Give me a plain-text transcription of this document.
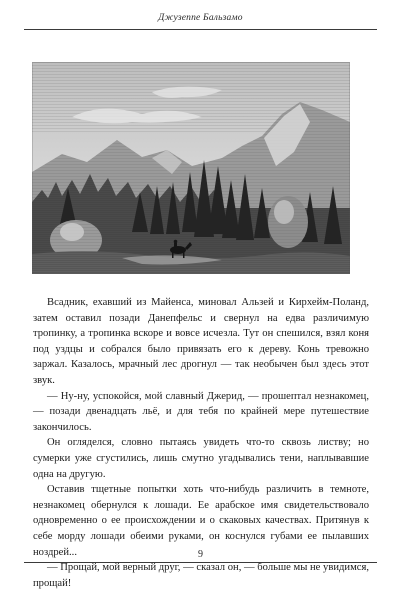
Джузеппе Бальзамо

Всадник, ехавший из Майенса, миновал Альзей и Кирхейм-Поланд, затем оставил позади Данепфельс и свернул на едва различимую тропинку, а тропинка вскоре и вовсе исчезла. Тут он спешился, взял коня под уздцы и собрался было привязать его к дереву. Конь тревожно заржал. Казалось, мрачный лес дрогнул — так необычен был здесь этот звук.

— Ну-ну, успокойся, мой славный Джерид, — прошептал незнакомец, — позади двенадцать льё, и для тебя по крайней мере путешествие закончилось.

Он огляделся, словно пытаясь увидеть что-то сквозь листву; но сумерки уже сгустились, лишь смутно угадывались тени, наплывавшие одна на другую.

Оставив тщетные попытки хоть что-нибудь различить в темноте, незнакомец обернулся к лошади. Ее арабское имя свидетельствовало одновременно о ее происхождении и о скаковых качествах. Притянув к себе морду лошади обеими руками, он коснулся губами ее пылавших ноздрей...

— Прощай, мой верный друг, — сказал он, — больше мы не увидимся, прощай!

9
